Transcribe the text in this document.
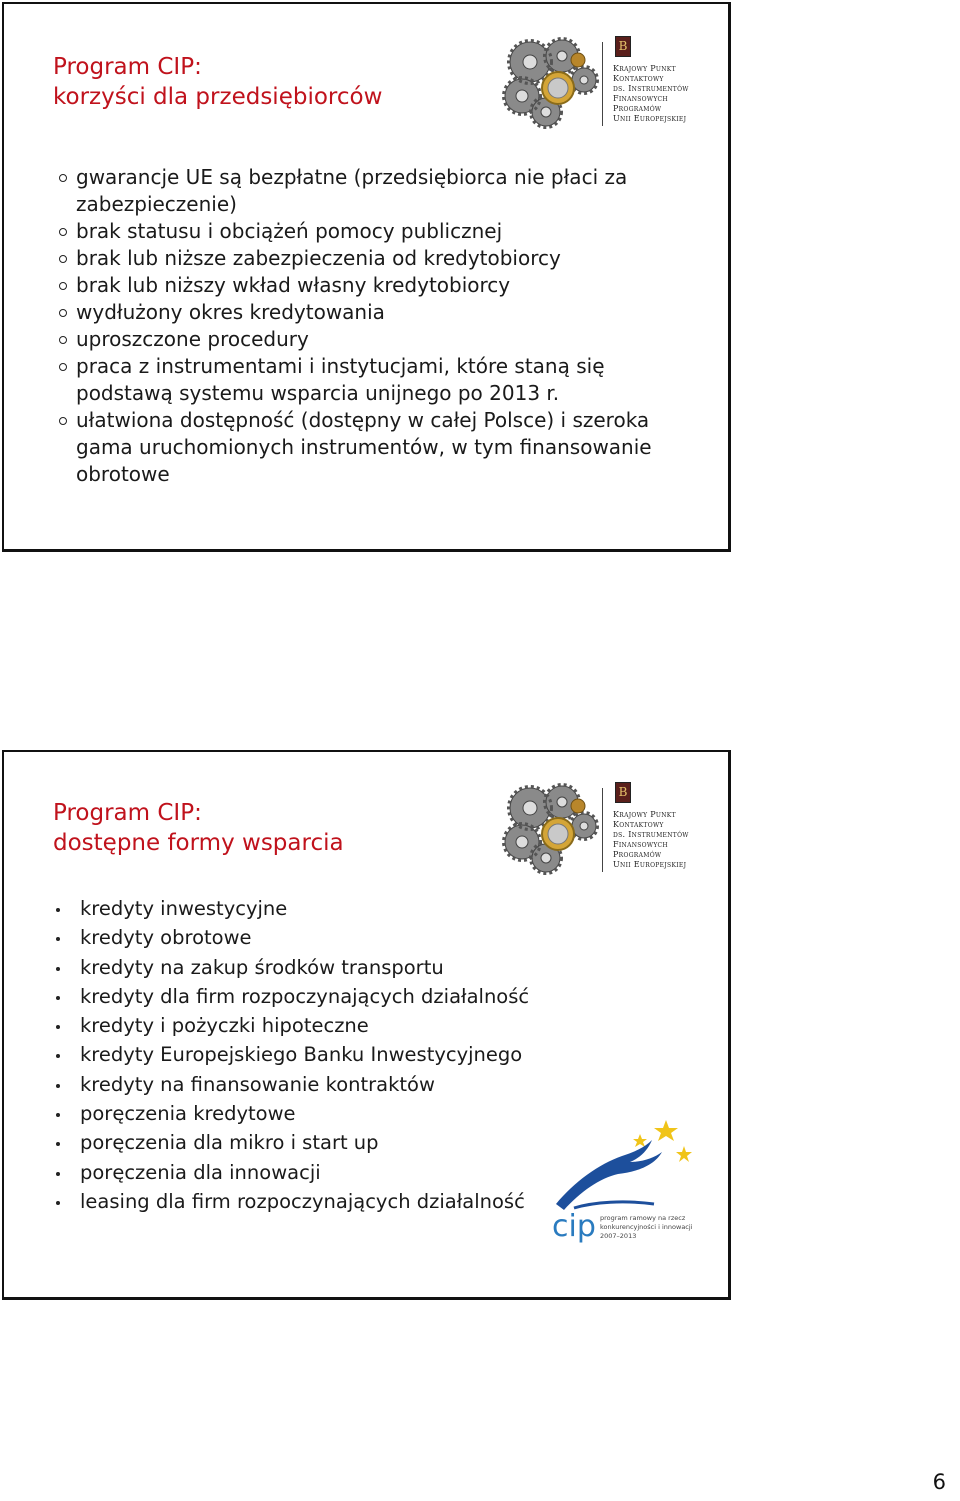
Program CIP:
korzyści dla przedsiębiorców
B
Krajowy Punkt
Kontaktowy
ds. Instrumentów
Finansowych
Programów
Unii Europejskiej
gwarancje UE są bezpłatne (przedsiębiorca nie płaci za zabezpieczenie)
brak statusu i obciążeń pomocy publicznej
brak lub niższe zabezpieczenia od kredytobiorcy
brak lub niższy wkład własny kredytobiorcy
wydłużony okres kredytowania
uproszczone procedury
praca z instrumentami i instytucjami, które staną się podstawą systemu wsparcia unijnego po 2013 r.
ułatwiona dostępność (dostępny w całej Polsce) i szeroka gama uruchomionych instrumentów, w tym finansowanie obrotowe
Program CIP:
dostępne formy wsparcia
B
Krajowy Punkt
Kontaktowy
ds. Instrumentów
Finansowych
Programów
Unii Europejskiej
kredyty inwestycyjne
kredyty obrotowe
kredyty na zakup środków transportu
kredyty dla firm rozpoczynających działalność
kredyty i pożyczki hipoteczne
kredyty Europejskiego Banku Inwestycyjnego
kredyty na finansowanie kontraktów
poręczenia kredytowe
poręczenia dla mikro i start up
poręczenia dla innowacji
leasing dla firm rozpoczynających działalność
cip program ramowy na rzecz
konkurencyjności i innowacji
2007–2013
6
